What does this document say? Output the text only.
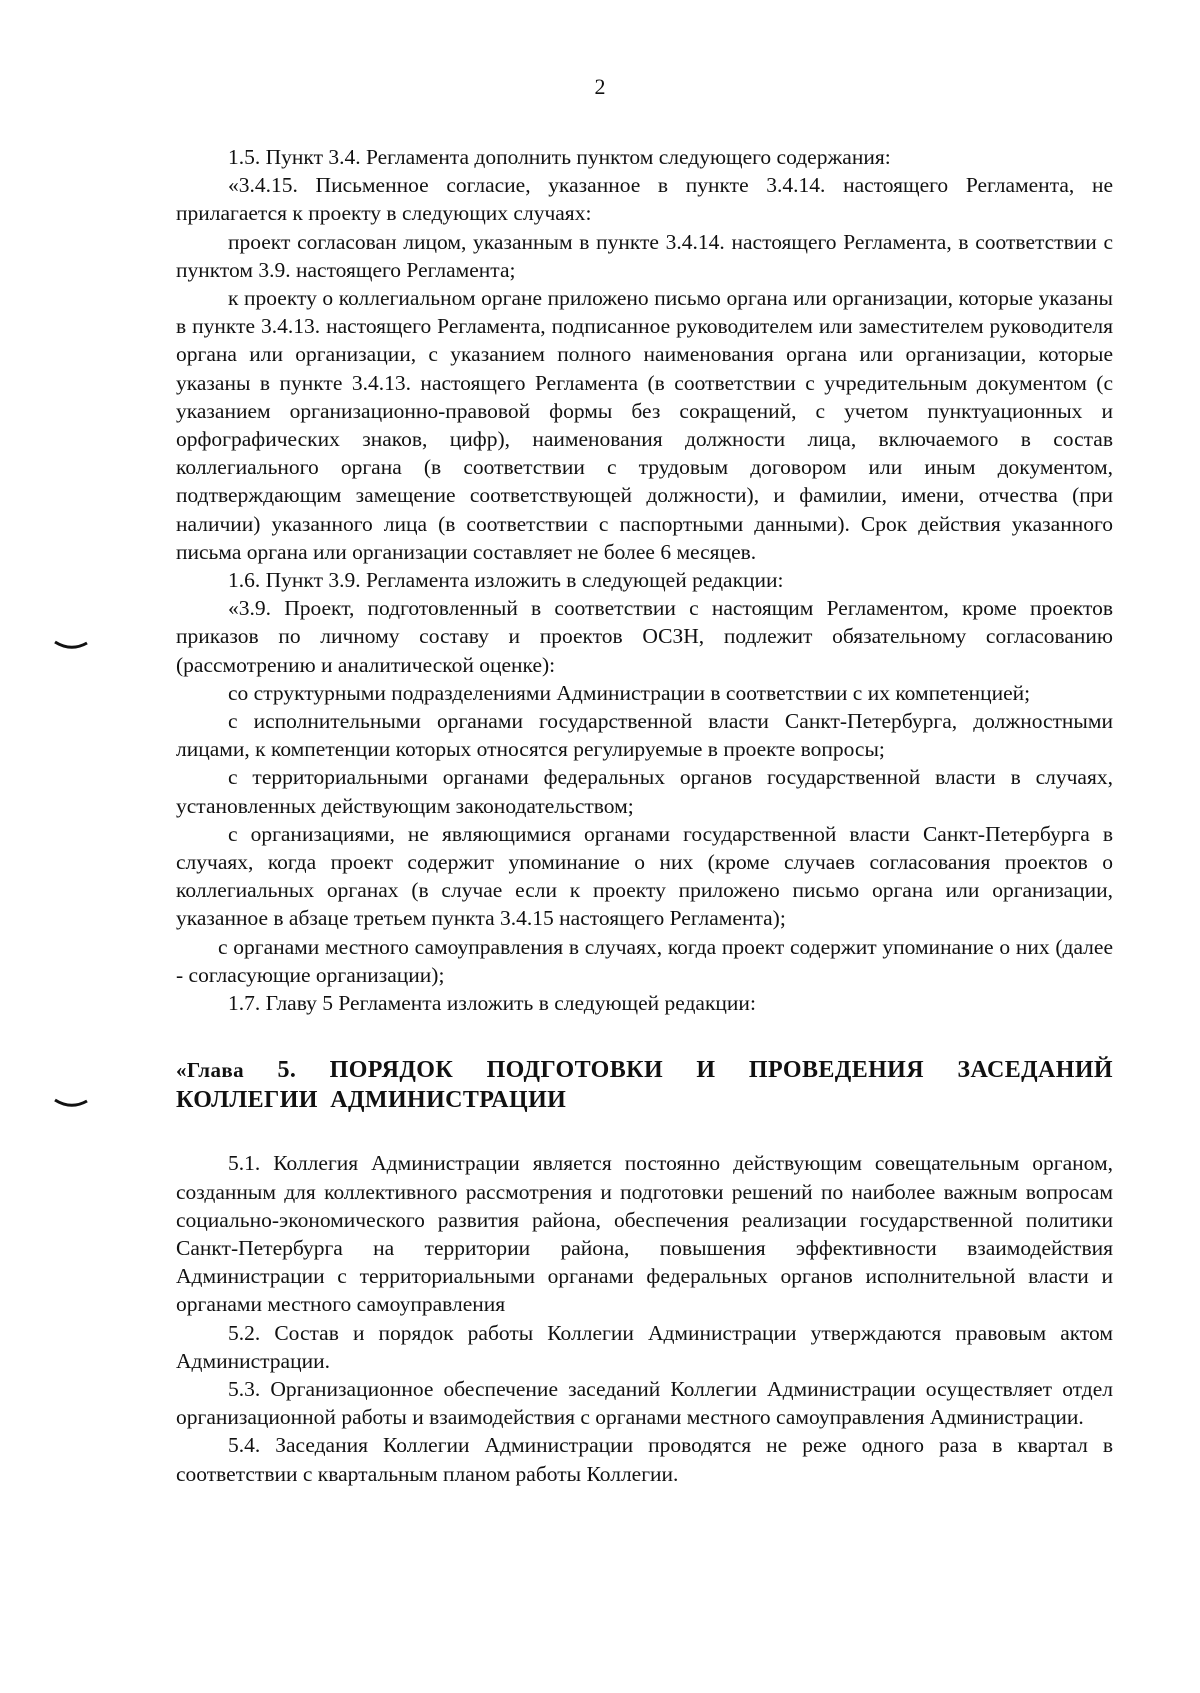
2

1.5. Пункт 3.4. Регламента дополнить пунктом следующего содержания:

«3.4.15. Письменное согласие, указанное в пункте 3.4.14. настоящего Регламента, не прилагается к проекту в следующих случаях:

проект согласован лицом, указанным в пункте 3.4.14. настоящего Регламента, в соответствии с пунктом 3.9. настоящего Регламента;

к проекту о коллегиальном органе приложено письмо органа или организации, которые указаны в пункте 3.4.13. настоящего Регламента, подписанное руководителем или заместителем руководителя органа или организации, с указанием полного наименования органа или организации, которые указаны в пункте 3.4.13. настоящего Регламента (в соответствии с учредительным документом (с указанием организационно-правовой формы без сокращений, с учетом пунктуационных и орфографических знаков, цифр), наименования должности лица, включаемого в состав коллегиального органа (в соответствии с трудовым договором или иным документом, подтверждающим замещение соответствующей должности), и фамилии, имени, отчества (при наличии) указанного лица (в соответствии с паспортными данными). Срок действия указанного письма органа или организации составляет не более 6 месяцев.

1.6. Пункт 3.9. Регламента изложить в следующей редакции:

«3.9. Проект, подготовленный в соответствии с настоящим Регламентом, кроме проектов приказов по личному составу и проектов ОСЗН, подлежит обязательному согласованию (рассмотрению и аналитической оценке):

со структурными подразделениями Администрации в соответствии с их компетенцией;

с исполнительными органами государственной власти Санкт-Петербурга, должностными лицами, к компетенции которых относятся регулируемые в проекте вопросы;

с территориальными органами федеральных органов государственной власти в случаях, установленных действующим законодательством;

с организациями, не являющимися органами государственной власти Санкт-Петербурга в случаях, когда проект содержит упоминание о них (кроме случаев согласования проектов о коллегиальных органах (в случае если к проекту приложено письмо органа или организации, указанное в абзаце третьем пункта 3.4.15 настоящего Регламента);

с органами местного самоуправления в случаях, когда проект содержит упоминание о них (далее - согласующие организации);

1.7. Главу 5 Регламента изложить в следующей редакции:

«Глава 5. ПОРЯДОК ПОДГОТОВКИ И ПРОВЕДЕНИЯ ЗАСЕДАНИЙ КОЛЛЕГИИ АДМИНИСТРАЦИИ

5.1. Коллегия Администрации является постоянно действующим совещательным органом, созданным для коллективного рассмотрения и подготовки решений по наиболее важным вопросам социально-экономического развития района, обеспечения реализации государственной политики Санкт-Петербурга на территории района, повышения эффективности взаимодействия Администрации с территориальными органами федеральных органов исполнительной власти и органами местного самоуправления

5.2. Состав и порядок работы Коллегии Администрации утверждаются правовым актом Администрации.

5.3. Организационное обеспечение заседаний Коллегии Администрации осуществляет отдел организационной работы и взаимодействия с органами местного самоуправления Администрации.

5.4. Заседания Коллегии Администрации проводятся не реже одного раза в квартал в соответствии с квартальным планом работы Коллегии.
